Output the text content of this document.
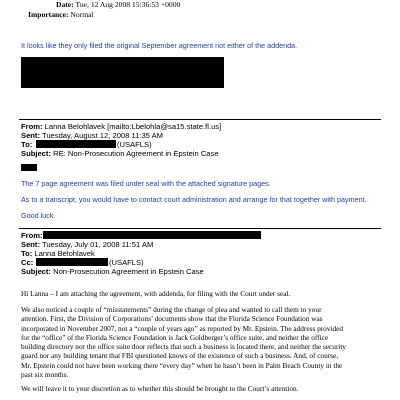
Date: Tue, 12 Aug 2008 15:36:53 +0000
Importance: Normal
It looks like they only filed the original September agreement not either of the addenda.
From: Lanna Belohlavek [mailto:Lbelohla@sa15.state.fl.us]
Sent: Tuesday, August 12, 2008 11:35 AM
To:	(USAFLS)
Subject: RE: Non-Prosecution Agreement in Epstein Case
The 7 page agreement was filed under seal with the attached signature pages.
As to a transcript, you would have to contact court administration and arrange for that together with payment.
Good luck.
From:
Sent: Tuesday, July 01, 2008 11:51 AM
To: Lanna Belohlavek
Cc:	(USAFLS)
Subject: Non-Prosecution Agreement in Epstein Case
Hi Lanna – I am attaching the agreement, with addenda, for filing with the Court under seal.
We also noticed a couple of “misstatements” during the change of plea and wanted to call them to your
attention. First, the Division of Corporations’ documents show that the Florida Science Foundation was
incorporated in November 2007, not a “couple of years ago” as reported by Mr. Epstein. The address provided
for the “office” of the Florida Science Foundation is Jack Goldberger’s office suite, and neither the office
building directory nor the office suite door reflects that such a business is located there, and neither the security
guard nor any building tenant that FBI questioned knows of the existence of such a business. And, of course,
Mr. Epstein could not have been working there “every day” when he hasn’t been in Palm Beach County in the
past six months.
We will leave it to your discretion as to whether this should be brought to the Court’s attention.
